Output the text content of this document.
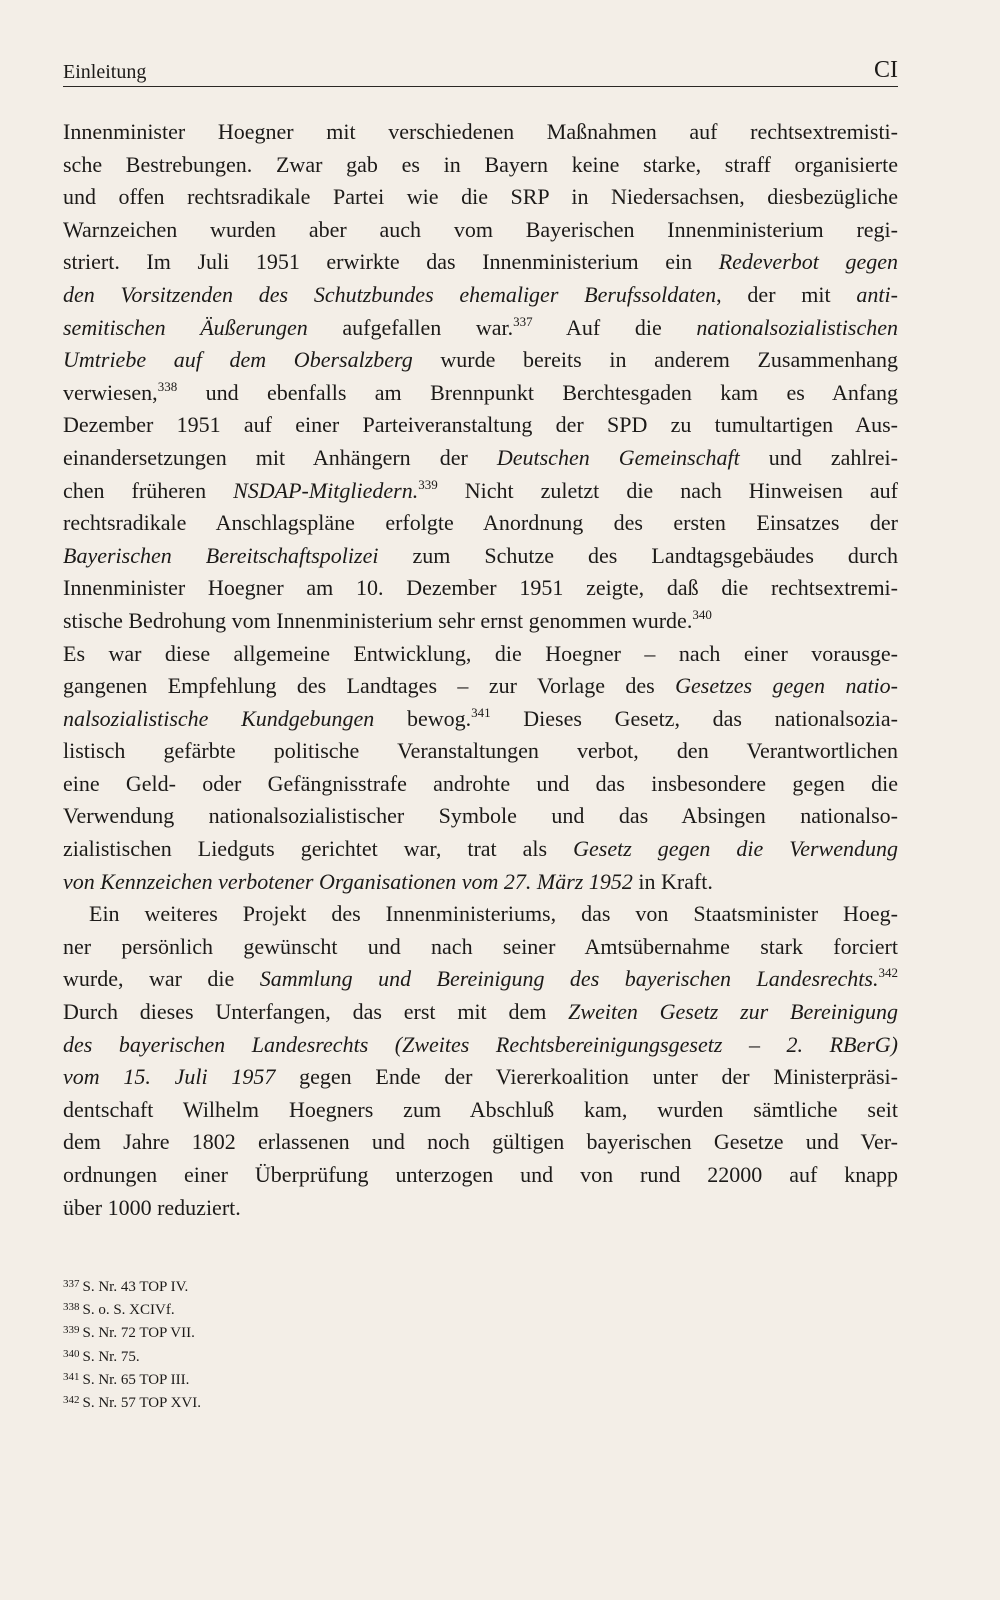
Einleitung	CI
Innenminister Hoegner mit verschiedenen Maßnahmen auf rechtsextremisti-
sche Bestrebungen. Zwar gab es in Bayern keine starke, straff organisierte
und offen rechtsradikale Partei wie die SRP in Niedersachsen, diesbezügliche
Warnzeichen wurden aber auch vom Bayerischen Innenministerium regi-
striert. Im Juli 1951 erwirkte das Innenministerium ein Redeverbot gegen
den Vorsitzenden des Schutzbundes ehemaliger Berufssoldaten, der mit anti-
semitischen Äußerungen aufgefallen war.$^{337}$ Auf die nationalsozialistischen
Umtriebe auf dem Obersalzberg wurde bereits in anderem Zusammenhang
verwiesen,$^{338}$ und ebenfalls am Brennpunkt Berchtesgaden kam es Anfang
Dezember 1951 auf einer Parteiveranstaltung der SPD zu tumultartigen Aus-
einandersetzungen mit Anhängern der Deutschen Gemeinschaft und zahlrei-
chen früheren NSDAP-Mitgliedern.$^{339}$ Nicht zuletzt die nach Hinweisen auf
rechtsradikale Anschlagspläne erfolgte Anordnung des ersten Einsatzes der
Bayerischen Bereitschaftspolizei zum Schutze des Landtagsgebäudes durch
Innenminister Hoegner am 10. Dezember 1951 zeigte, daß die rechtsextremi-
stische Bedrohung vom Innenministerium sehr ernst genommen wurde.$^{340}$
Es war diese allgemeine Entwicklung, die Hoegner – nach einer vorausge-
gangenen Empfehlung des Landtages – zur Vorlage des Gesetzes gegen natio-
nalsozialistische Kundgebungen bewog.$^{341}$ Dieses Gesetz, das nationalsozia-
listisch gefärbte politische Veranstaltungen verbot, den Verantwortlichen
eine Geld- oder Gefängnisstrafe androhte und das insbesondere gegen die
Verwendung nationalsozialistischer Symbole und das Absingen nationalso-
zialistischen Liedguts gerichtet war, trat als Gesetz gegen die Verwendung
von Kennzeichen verbotener Organisationen vom 27. März 1952 in Kraft.
Ein weiteres Projekt des Innenministeriums, das von Staatsminister Hoeg-
ner persönlich gewünscht und nach seiner Amtsübernahme stark forciert
wurde, war die Sammlung und Bereinigung des bayerischen Landesrechts.$^{342}$
Durch dieses Unterfangen, das erst mit dem Zweiten Gesetz zur Bereinigung
des bayerischen Landesrechts (Zweites Rechtsbereinigungsgesetz – 2. RBerG)
vom 15. Juli 1957 gegen Ende der Viererkoalition unter der Ministerpräsi-
dentschaft Wilhelm Hoegners zum Abschluß kam, wurden sämtliche seit
dem Jahre 1802 erlassenen und noch gültigen bayerischen Gesetze und Ver-
ordnungen einer Überprüfung unterzogen und von rund 22000 auf knapp
über 1000 reduziert.
$^{337}$ S. Nr. 43 TOP IV.
$^{338}$ S. o. S. XCIVf.
$^{339}$ S. Nr. 72 TOP VII.
$^{340}$ S. Nr. 75.
$^{341}$ S. Nr. 65 TOP III.
$^{342}$ S. Nr. 57 TOP XVI.
